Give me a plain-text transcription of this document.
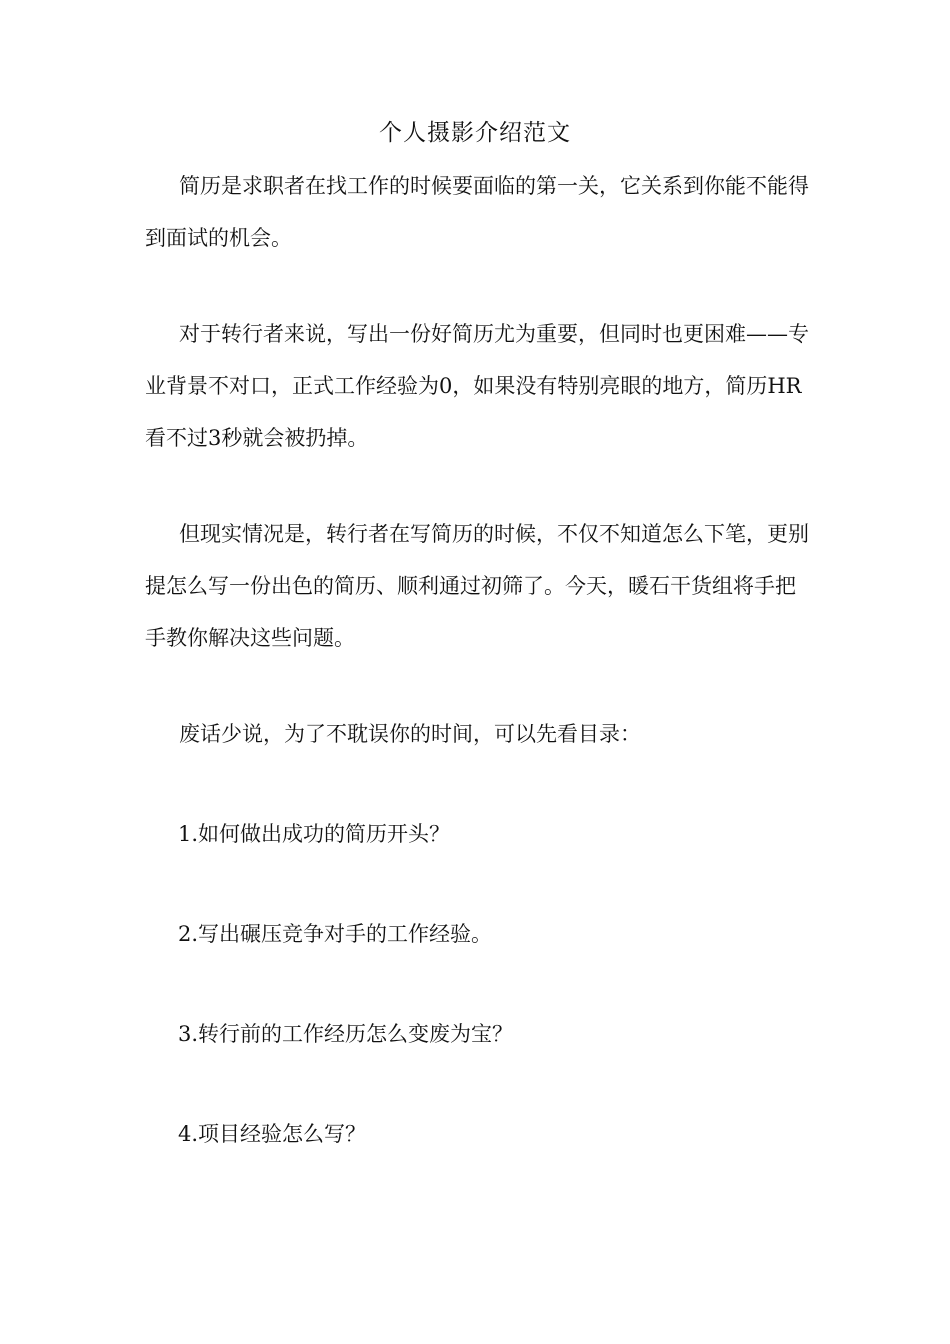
个人摄影介绍范文

简历是求职者在找工作的时候要面临的第一关，它关系到你能不能得到面试的机会。

对于转行者来说，写出一份好简历尤为重要，但同时也更困难——专业背景不对口，正式工作经验为0，如果没有特别亮眼的地方，简历HR看不过3秒就会被扔掉。

但现实情况是，转行者在写简历的时候，不仅不知道怎么下笔，更别提怎么写一份出色的简历、顺利通过初筛了。今天，暖石干货组将手把手教你解决这些问题。

废话少说，为了不耽误你的时间，可以先看目录：

1.如何做出成功的简历开头？
2.写出碾压竞争对手的工作经验。
3.转行前的工作经历怎么变废为宝？
4.项目经验怎么写？
